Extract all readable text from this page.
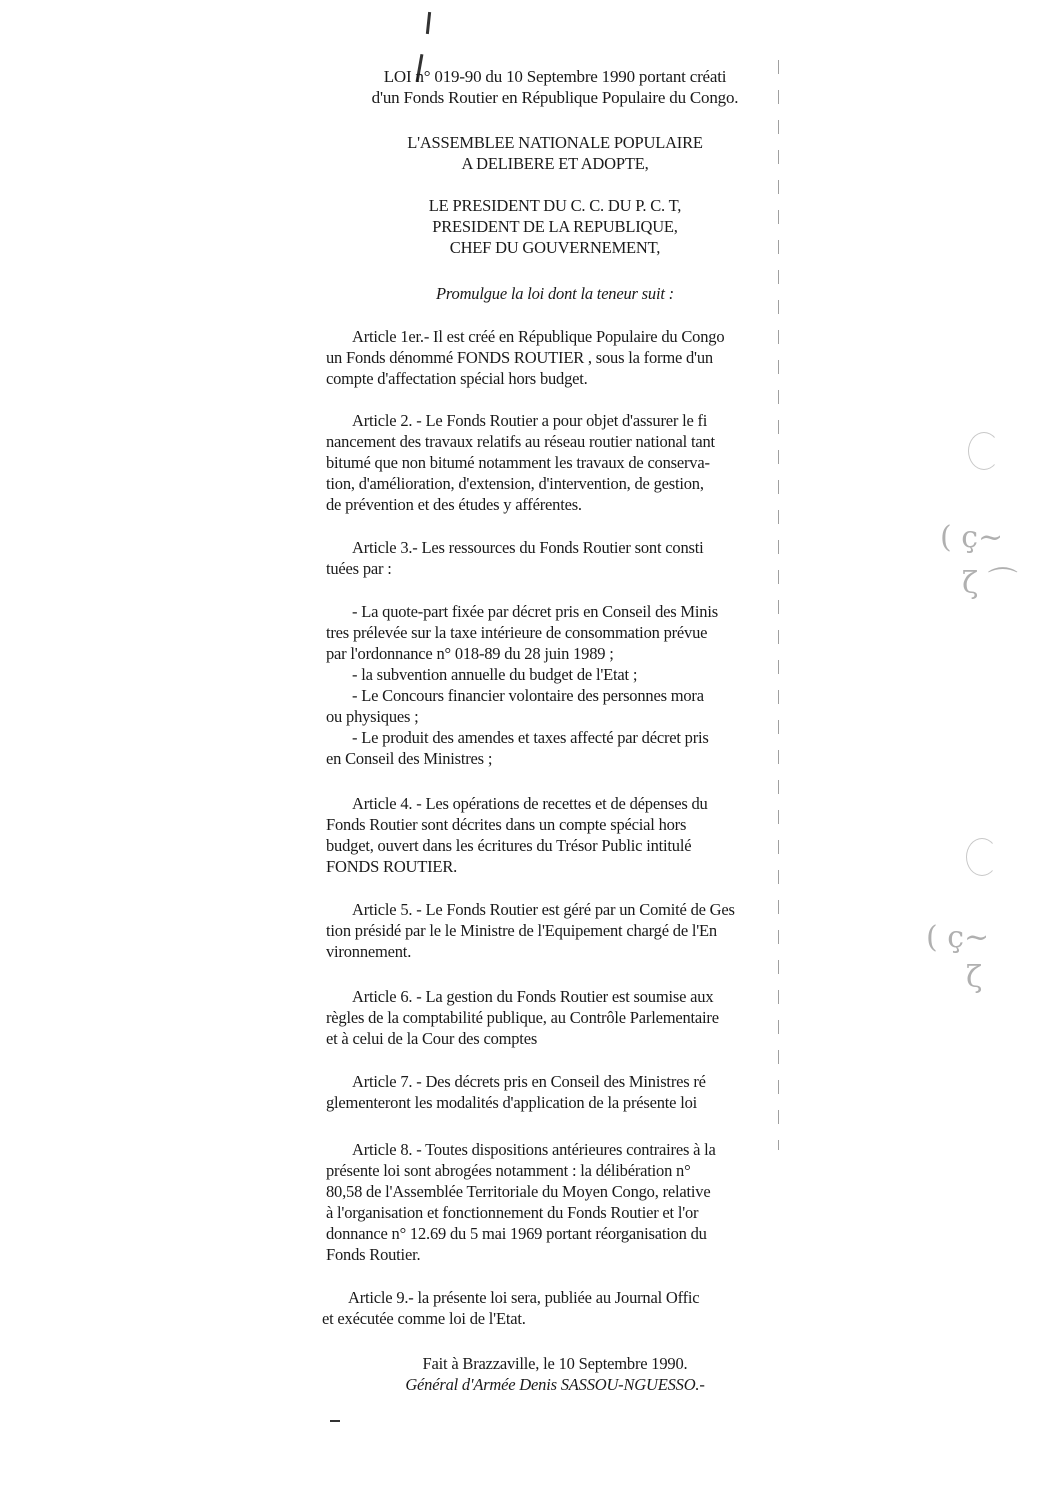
( ç~
ζ ⌒
( ç~
ζ
LOI n° 019-90 du 10 Septembre 1990 portant créati
d'un Fonds Routier en République Populaire du Congo.
L'ASSEMBLEE NATIONALE POPULAIRE
A DELIBERE ET ADOPTE,
LE PRESIDENT DU C. C. DU P. C. T,
PRESIDENT DE LA REPUBLIQUE,
CHEF DU GOUVERNEMENT,
Promulgue la loi dont la teneur suit :
Article 1er.- Il est créé en République Populaire du Congo
un Fonds dénommé FONDS ROUTIER , sous la forme d'un
compte d'affectation spécial hors budget.
Article 2. - Le Fonds Routier a pour objet d'assurer le fi
nancement des travaux relatifs au réseau routier national tant
bitumé que non bitumé notamment les travaux de conserva-
tion, d'amélioration, d'extension, d'intervention, de gestion,
de prévention et des études y afférentes.
Article 3.- Les ressources du Fonds Routier sont consti
tuées par :
- La quote-part fixée par décret pris en Conseil des Minis
tres prélevée sur la taxe intérieure de consommation prévue
par l'ordonnance n° 018-89 du 28 juin 1989 ;
- la subvention annuelle du budget de l'Etat ;
- Le Concours financier volontaire des personnes mora
ou physiques ;
- Le produit des amendes et taxes affecté par décret pris
en Conseil des Ministres ;
Article 4. - Les opérations de recettes et de dépenses du
Fonds Routier sont décrites dans un compte spécial hors
budget, ouvert dans les écritures du Trésor Public intitulé
FONDS ROUTIER.
Article 5. - Le Fonds Routier est géré par un Comité de Ges
tion présidé par le le Ministre de l'Equipement chargé de l'En
vironnement.
Article 6. - La gestion du Fonds Routier est soumise aux
règles de la comptabilité publique, au Contrôle Parlementaire
et à celui de la Cour des comptes
Article 7. - Des décrets pris en Conseil des Ministres ré
glementeront les modalités d'application de la présente loi
Article 8. - Toutes dispositions antérieures contraires à la
présente loi sont abrogées notamment : la délibération n°
80,58 de l'Assemblée Territoriale du Moyen Congo, relative
à l'organisation et fonctionnement du Fonds Routier et l'or
donnance n° 12.69 du 5 mai 1969 portant réorganisation du
Fonds Routier.
Article 9.- la présente loi sera, publiée au Journal Offic
et exécutée comme loi de l'Etat.
Fait à Brazzaville, le 10 Septembre 1990.
Général d'Armée Denis SASSOU-NGUESSO.-
